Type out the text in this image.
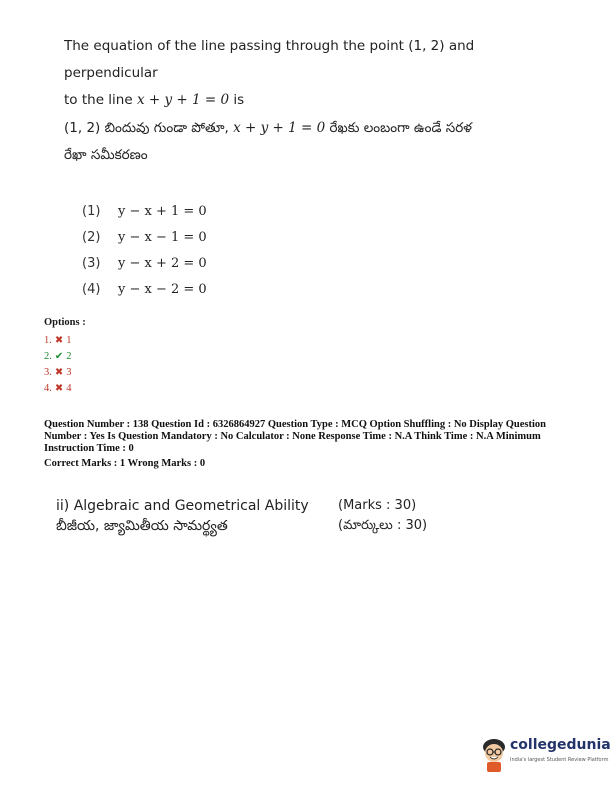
The equation of the line passing through the point (1, 2) and perpendicular
to the line x + y + 1 = 0 is
(1, 2) బిందువు గుండా పోతూ, x + y + 1 = 0 రేఖకు లంబంగా ఉండే సరళ
రేఖా సమీకరణం
(1)	y − x + 1 = 0
(2)	y − x − 1 = 0
(3)	y − x + 2 = 0
(4)	y − x − 2 = 0
Options :
1. ✖ 1
2. ✔ 2
3. ✖ 3
4. ✖ 4
Question Number : 138 Question Id : 6326864927 Question Type : MCQ Option Shuffling : No Display Question Number : Yes Is Question Mandatory : No Calculator : None Response Time : N.A Think Time : N.A Minimum Instruction Time : 0
Correct Marks : 1 Wrong Marks : 0
ii) Algebraic and Geometrical Ability
బీజీయ, జ్యామితీయ సామర్థ్యత
(Marks : 30)
(మార్కులు : 30)
collegedunia
India's largest Student Review Platform
